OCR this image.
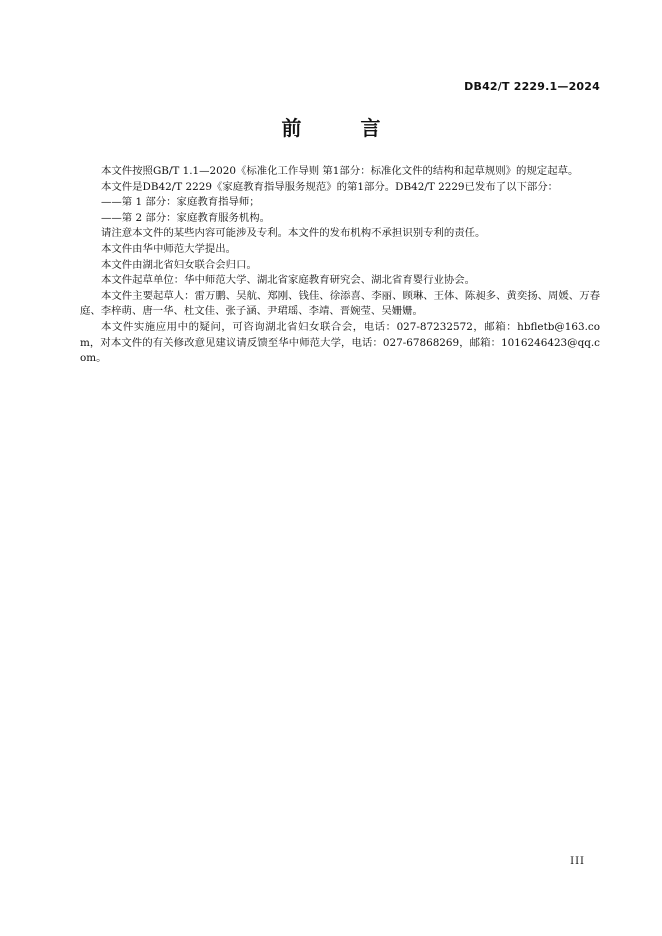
DB42/T 2229.1—2024
前 言

本文件按照GB/T 1.1—2020《标准化工作导则 第1部分：标准化文件的结构和起草规则》的规定起草。

本文件是DB42/T 2229《家庭教育指导服务规范》的第1部分。DB42/T 2229已发布了以下部分：

——第 1 部分：家庭教育指导师；

——第 2 部分：家庭教育服务机构。

请注意本文件的某些内容可能涉及专利。本文件的发布机构不承担识别专利的责任。

本文件由华中师范大学提出。

本文件由湖北省妇女联合会归口。

本文件起草单位：华中师范大学、湖北省家庭教育研究会、湖北省育婴行业协会。

本文件主要起草人：雷万鹏、吴航、郑刚、钱佳、徐添喜、李丽、顾琳、王体、陈昶多、黄奕扬、周媛、万春庭、李梓萌、唐一华、杜文佳、张子涵、尹珺瑶、李靖、晋婉莹、吴姗姗。

本文件实施应用中的疑问，可咨询湖北省妇女联合会，电话：027-87232572，邮箱：hbfletb@163.com，对本文件的有关修改意见建议请反馈至华中师范大学，电话：027-67868269，邮箱：1016246423@qq.com。

III
